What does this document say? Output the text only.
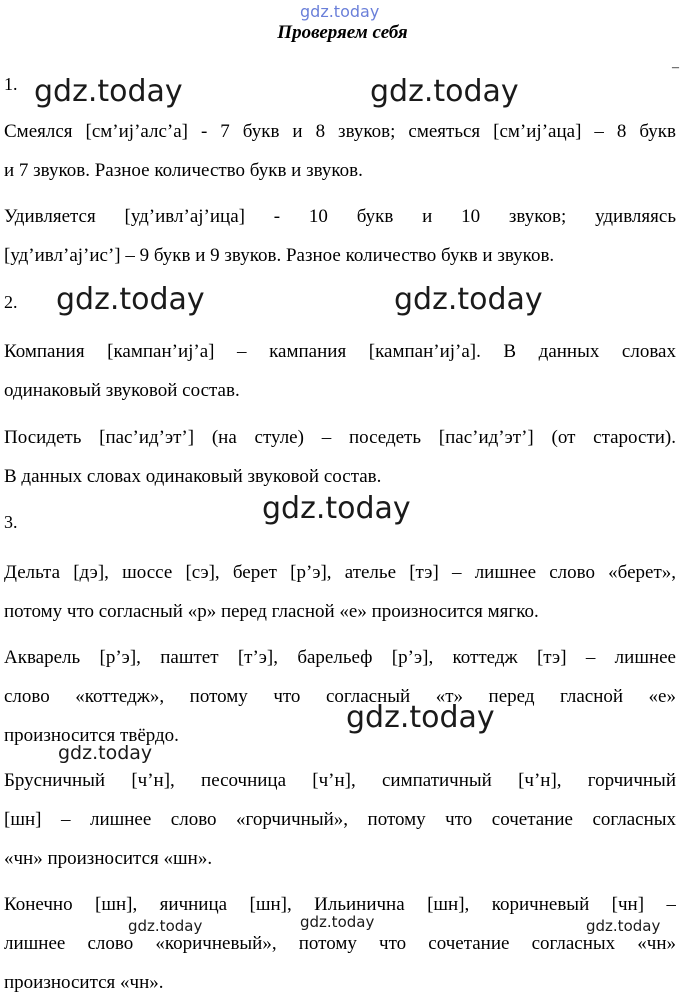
gdz.today
Проверяем себя
–
1.
Смеялся [см’иj’алс’а] - 7 букв и 8 звуков; смеяться [см’иj’аца] – 8 букв
и 7 звуков. Разное количество букв и звуков.
Удивляется [уд’ивл’аj’ица] - 10 букв и 10 звуков; удивляясь
[уд’ивл’аj’ис’] – 9 букв и 9 звуков. Разное количество букв и звуков.
2.
Компания [кампан’иj’а] – кампания [кампан’иj’а]. В данных словах
одинаковый звуковой состав.
Посидеть [пас’ид’эт’] (на стуле) – поседеть [пас’ид’эт’] (от старости).
В данных словах одинаковый звуковой состав.
3.
Дельта [дэ], шоссе [сэ], берет [р’э], ателье [тэ] – лишнее слово «берет»,
потому что согласный «р» перед гласной «е» произносится мягко.
Акварель [р’э], паштет [т’э], барельеф [р’э], коттедж [тэ] – лишнее
слово «коттедж», потому что согласный «т» перед гласной «е»
произносится твёрдо.
Брусничный [ч’н], песочница [ч’н], симпатичный [ч’н], горчичный
[шн] – лишнее слово «горчичный», потому что сочетание согласных
«чн» произносится «шн».
Конечно [шн], яичница [шн], Ильинична [шн], коричневый [чн] –
лишнее слово «коричневый», потому что сочетание согласных «чн»
произносится «чн».
gdz.today	gdz.today
gdz.today	gdz.today
gdz.today
gdz.today
gdz.today
gdz.today	gdz.today	gdz.today
